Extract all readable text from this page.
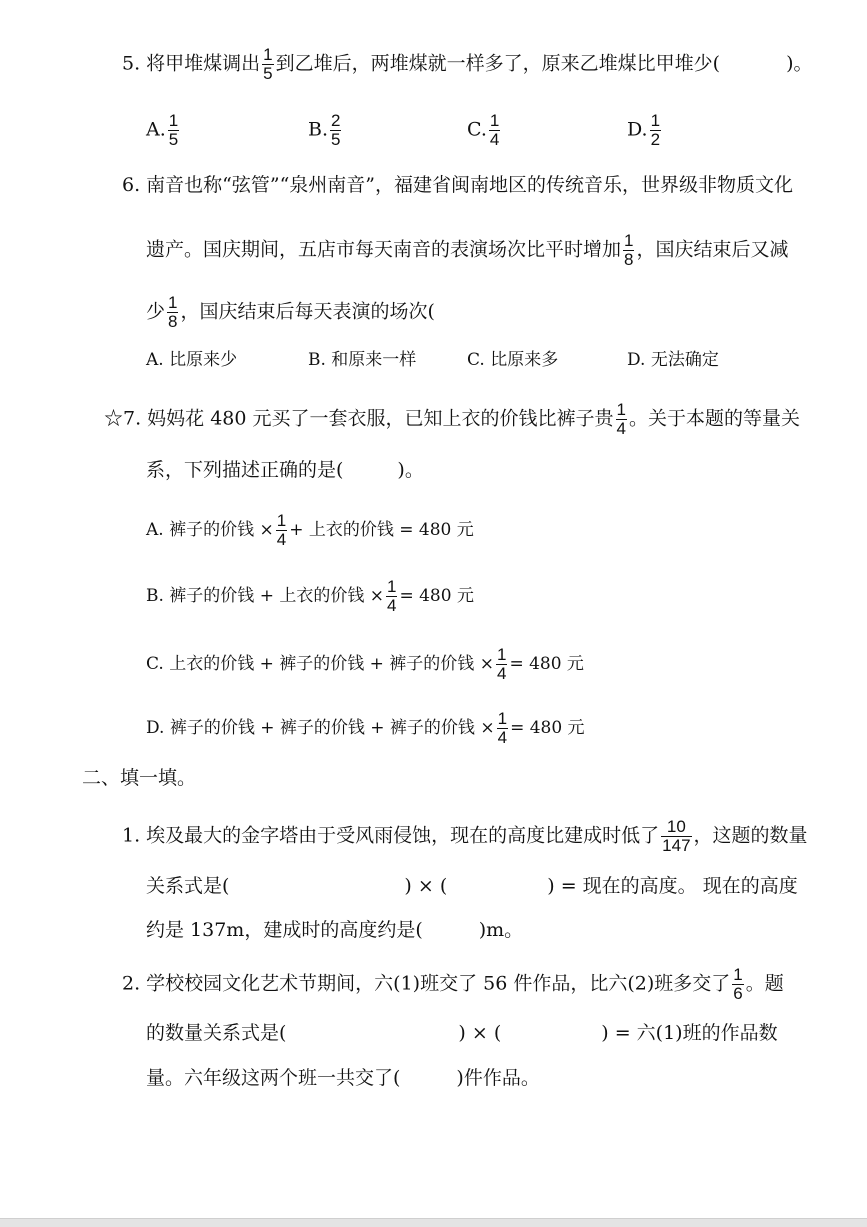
5. 将甲堆煤调出 $\frac{1}{5}$ 到乙堆后，两堆煤就一样多了，原来乙堆煤比甲堆少(	)。
A. $\frac{1}{5}$	B. $\frac{2}{5}$	C. $\frac{1}{4}$	D. $\frac{1}{2}$
6. 南音也称“弦管”“泉州南音”，福建省闽南地区的传统音乐，世界级非物质文化
遗产。国庆期间，五店市每天南音的表演场次比平时增加 $\frac{1}{8}$ ，国庆结束后又减
少 $\frac{1}{8}$ ，国庆结束后每天表演的场次(
A. 比原来少	B. 和原来一样	C. 比原来多	D. 无法确定
☆7. 妈妈花 480 元买了一套衣服，已知上衣的价钱比裤子贵 $\frac{1}{4}$ 。关于本题的等量关
系，下列描述正确的是(	)。
A. 裤子的价钱 × $\frac{1}{4}$ + 上衣的价钱 = 480 元
B. 裤子的价钱 + 上衣的价钱 × $\frac{1}{4} = 480$ 元
C. 上衣的价钱 + 裤子的价钱 + 裤子的价钱 × $\frac{1}{4} = 480$ 元
D. 裤子的价钱 + 裤子的价钱 + 裤子的价钱 × $\frac{1}{4} = 480$ 元
二、填一填。
1. 埃及最大的金字塔由于受风雨侵蚀，现在的高度比建成时低了 $\frac{10}{147}$ ，这题的数量
关系式是(	) × (	) = 现在的高度。 现在的高度
约是 137m，建成时的高度约是(	)m。
2. 学校校园文化艺术节期间，六(1)班交了 56 件作品，比六(2)班多交了 $\frac{1}{6}$ 。题
的数量关系式是(	) × (	) = 六(1)班的作品数
量。六年级这两个班一共交了(	)件作品。
